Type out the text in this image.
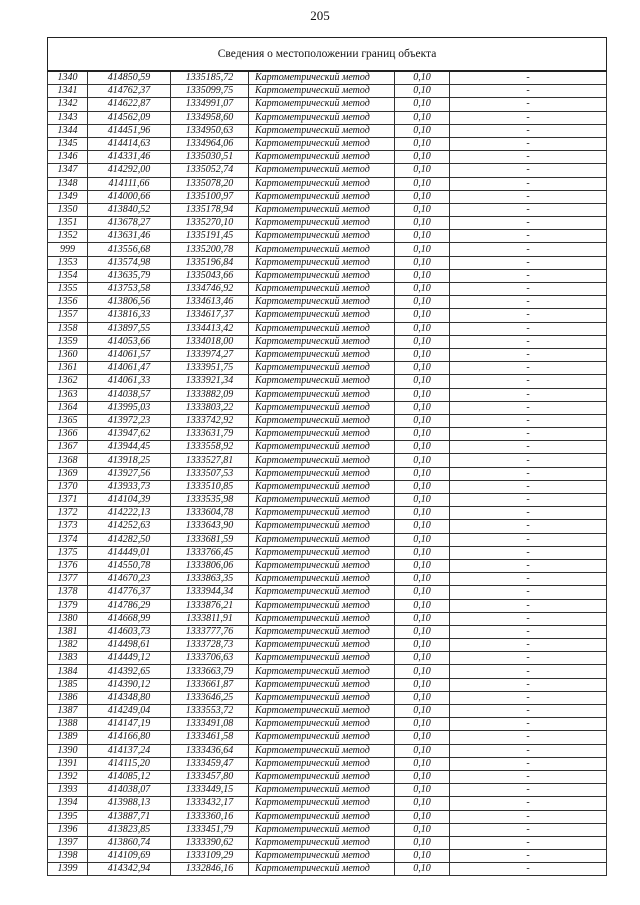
205
Сведения о местоположении границ объекта					
1340	414850,59	1335185,72	Картометрический метод	0,10	-
1341	414762,37	1335099,75	Картометрический метод	0,10	-
1342	414622,87	1334991,07	Картометрический метод	0,10	-
1343	414562,09	1334958,60	Картометрический метод	0,10	-
1344	414451,96	1334950,63	Картометрический метод	0,10	-
1345	414414,63	1334964,06	Картометрический метод	0,10	-
1346	414331,46	1335030,51	Картометрический метод	0,10	-
1347	414292,00	1335052,74	Картометрический метод	0,10	-
1348	414111,66	1335078,20	Картометрический метод	0,10	-
1349	414000,66	1335100,97	Картометрический метод	0,10	-
1350	413840,52	1335178,94	Картометрический метод	0,10	-
1351	413678,27	1335270,10	Картометрический метод	0,10	-
1352	413631,46	1335191,45	Картометрический метод	0,10	-
999	413556,68	1335200,78	Картометрический метод	0,10	-
1353	413574,98	1335196,84	Картометрический метод	0,10	-
1354	413635,79	1335043,66	Картометрический метод	0,10	-
1355	413753,58	1334746,92	Картометрический метод	0,10	-
1356	413806,56	1334613,46	Картометрический метод	0,10	-
1357	413816,33	1334617,37	Картометрический метод	0,10	-
1358	413897,55	1334413,42	Картометрический метод	0,10	-
1359	414053,66	1334018,00	Картометрический метод	0,10	-
1360	414061,57	1333974,27	Картометрический метод	0,10	-
1361	414061,47	1333951,75	Картометрический метод	0,10	-
1362	414061,33	1333921,34	Картометрический метод	0,10	-
1363	414038,57	1333882,09	Картометрический метод	0,10	-
1364	413995,03	1333803,22	Картометрический метод	0,10	-
1365	413972,23	1333742,92	Картометрический метод	0,10	-
1366	413947,62	1333631,79	Картометрический метод	0,10	-
1367	413944,45	1333558,92	Картометрический метод	0,10	-
1368	413918,25	1333527,81	Картометрический метод	0,10	-
1369	413927,56	1333507,53	Картометрический метод	0,10	-
1370	413933,73	1333510,85	Картометрический метод	0,10	-
1371	414104,39	1333535,98	Картометрический метод	0,10	-
1372	414222,13	1333604,78	Картометрический метод	0,10	-
1373	414252,63	1333643,90	Картометрический метод	0,10	-
1374	414282,50	1333681,59	Картометрический метод	0,10	-
1375	414449,01	1333766,45	Картометрический метод	0,10	-
1376	414550,78	1333806,06	Картометрический метод	0,10	-
1377	414670,23	1333863,35	Картометрический метод	0,10	-
1378	414776,37	1333944,34	Картометрический метод	0,10	-
1379	414786,29	1333876,21	Картометрический метод	0,10	-
1380	414668,99	1333811,91	Картометрический метод	0,10	-
1381	414603,73	1333777,76	Картометрический метод	0,10	-
1382	414498,61	1333728,73	Картометрический метод	0,10	-
1383	414449,12	1333706,63	Картометрический метод	0,10	-
1384	414392,65	1333663,79	Картометрический метод	0,10	-
1385	414390,12	1333661,87	Картометрический метод	0,10	-
1386	414348,80	1333646,25	Картометрический метод	0,10	-
1387	414249,04	1333553,72	Картометрический метод	0,10	-
1388	414147,19	1333491,08	Картометрический метод	0,10	-
1389	414166,80	1333461,58	Картометрический метод	0,10	-
1390	414137,24	1333436,64	Картометрический метод	0,10	-
1391	414115,20	1333459,47	Картометрический метод	0,10	-
1392	414085,12	1333457,80	Картометрический метод	0,10	-
1393	414038,07	1333449,15	Картометрический метод	0,10	-
1394	413988,13	1333432,17	Картометрический метод	0,10	-
1395	413887,71	1333360,16	Картометрический метод	0,10	-
1396	413823,85	1333451,79	Картометрический метод	0,10	-
1397	413860,74	1333390,62	Картометрический метод	0,10	-
1398	414109,69	1333109,29	Картометрический метод	0,10	-
1399	414342,94	1332846,16	Картометрический метод	0,10	-
